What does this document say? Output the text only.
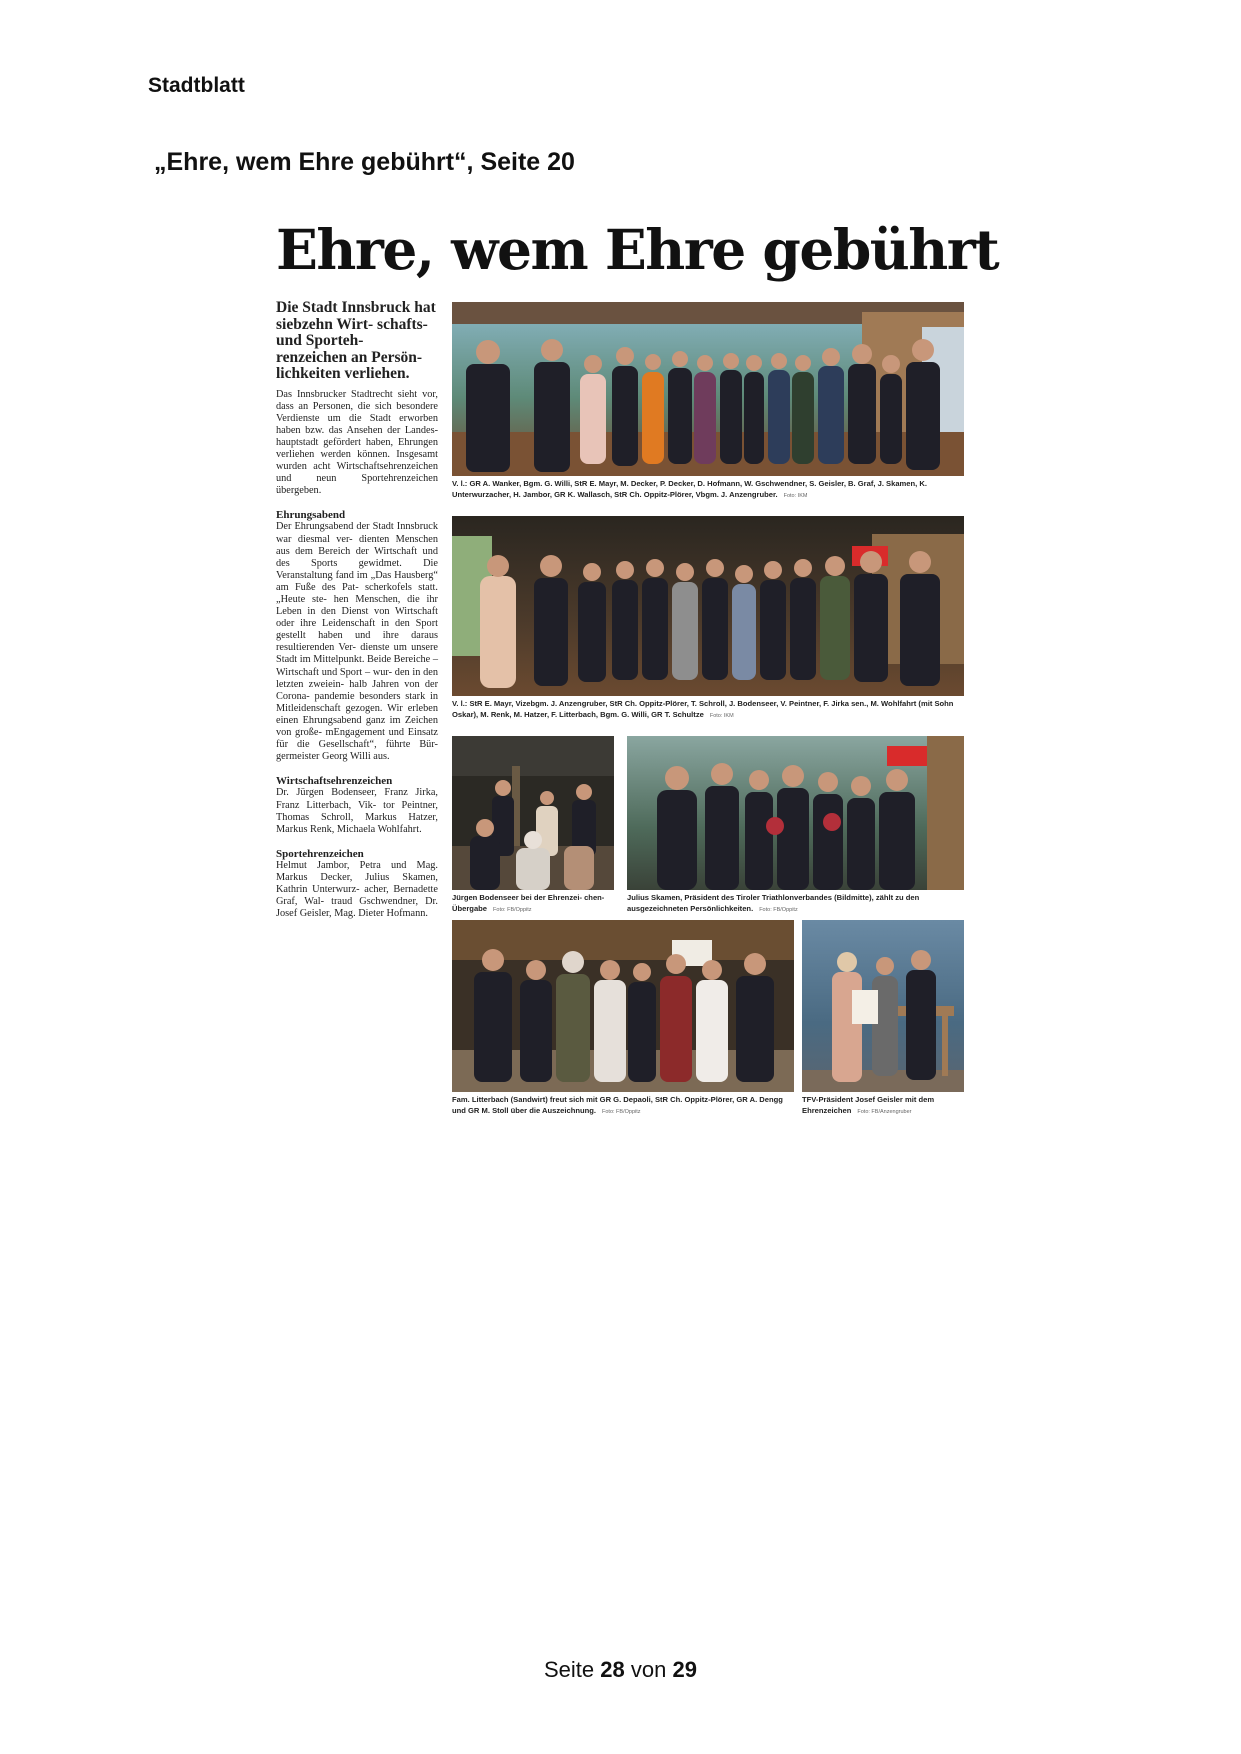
Stadtblatt
„Ehre, wem Ehre gebührt“, Seite 20
Ehre, wem Ehre gebührt
Die Stadt Innsbruck hat siebzehn Wirt- schafts- und Sporteh- renzeichen an Persön- lichkeiten verliehen.

Das Innsbrucker Stadtrecht sieht vor, dass an Personen, die sich besondere Verdienste um die Stadt erworben haben bzw. das Ansehen der Landes- hauptstadt gefördert haben, Ehrungen verliehen werden können. Insgesamt wurden acht Wirtschaftsehrenzeichen und neun Sportehrenzeichen übergeben.

Ehrungsabend

Der Ehrungsabend der Stadt Innsbruck war diesmal ver- dienten Menschen aus dem Bereich der Wirtschaft und des Sports gewidmet. Die Veranstaltung fand im „Das Hausberg“ am Fuße des Pat- scherkofels statt. „Heute ste- hen Menschen, die ihr Leben in den Dienst von Wirtschaft oder ihre Leidenschaft in den Sport gestellt haben und ihre daraus resultierenden Ver- dienste um unsere Stadt im Mittelpunkt. Beide Bereiche – Wirtschaft und Sport – wur- den in den letzten zweiein- halb Jahren von der Corona- pandemie besonders stark in Mitleidenschaft gezogen. Wir erleben einen Ehrungsabend ganz im Zeichen von große- mEngagement und Einsatz für die Gesellschaft“, führte Bür- germeister Georg Willi aus.

Wirtschaftsehrenzeichen

Dr. Jürgen Bodenseer, Franz Jirka, Franz Litterbach, Vik- tor Peintner, Thomas Schroll, Markus Hatzer, Markus Renk, Michaela Wohlfahrt.

Sportehrenzeichen

Helmut Jambor, Petra und Mag. Markus Decker, Julius Skamen, Kathrin Unterwurz- acher, Bernadette Graf, Wal- traud Gschwendner, Dr. Josef Geisler, Mag. Dieter Hofmann.

V. l.: GR A. Wanker, Bgm. G. Willi, StR E. Mayr, M. Decker, P. Decker, D. Hofmann, W. Gschwendner, S. Geisler, B. Graf, J. Skamen, K. Unterwurzacher, H. Jambor, GR K. Wallasch, StR Ch. Oppitz-Plörer, Vbgm. J. Anzengruber. Foto: IKM
V. l.: StR E. Mayr, Vizebgm. J. Anzengruber, StR Ch. Oppitz-Plörer, T. Schroll, J. Bodenseer, V. Peintner, F. Jirka sen., M. Wohlfahrt (mit Sohn Oskar), M. Renk, M. Hatzer, F. Litterbach, Bgm. G. Willi, GR T. Schultze Foto: IKM
Jürgen Bodenseer bei der Ehrenzei- chen-Übergabe Foto: FB/Oppitz
Julius Skamen, Präsident des Tiroler Triathlonverbandes (Bildmitte), zählt zu den ausgezeichneten Persönlichkeiten. Foto: FB/Oppitz
Fam. Litterbach (Sandwirt) freut sich mit GR G. Depaoli, StR Ch. Oppitz-Plörer, GR A. Dengg und GR M. Stoll über die Auszeichnung. Foto: FB/Oppitz
TFV-Präsident Josef Geisler mit dem Ehrenzeichen Foto: FB/Anzengruber
Seite 28 von 29
